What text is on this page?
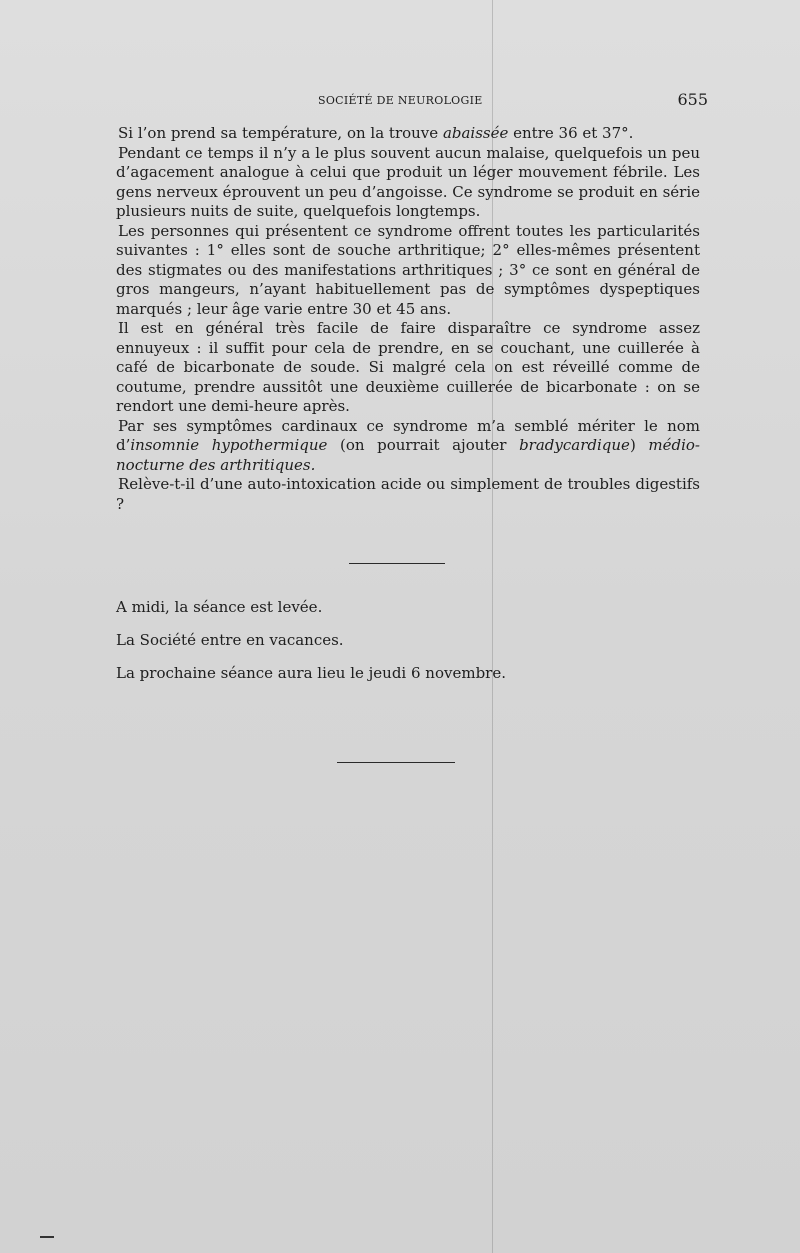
SOCIÉTÉ DE NEUROLOGIE	655

Si l’on prend sa température, on la trouve abaissée entre 36 et 37°.

Pendant ce temps il n’y a le plus souvent aucun malaise, quelquefois un peu d’agacement analogue à celui que produit un léger mouvement fébrile. Les gens nerveux éprouvent un peu d’angoisse. Ce syndrome se produit en série plusieurs nuits de suite, quelquefois longtemps.

Les personnes qui présentent ce syndrome offrent toutes les particularités suivantes : 1° elles sont de souche arthritique; 2° elles-mêmes présentent des stigmates ou des manifestations arthritiques ; 3° ce sont en général de gros mangeurs, n’ayant habituellement pas de symptômes dyspeptiques marqués ; leur âge varie entre 30 et 45 ans.

Il est en général très facile de faire disparaître ce syndrome assez ennuyeux : il suffit pour cela de prendre, en se couchant, une cuillerée à café de bicarbonate de soude. Si malgré cela on est réveillé comme de coutume, prendre aussitôt une deuxième cuillerée de bicarbonate : on se rendort une demi-heure après.

Par ses symptômes cardinaux ce syndrome m’a semblé mériter le nom d’insomnie hypothermique (on pourrait ajouter bradycardique) médio-nocturne des arthritiques.

Relève-t-il d’une auto-intoxication acide ou simplement de troubles digestifs ?

A midi, la séance est levée.
La Société entre en vacances.
La prochaine séance aura lieu le jeudi 6 novembre.
